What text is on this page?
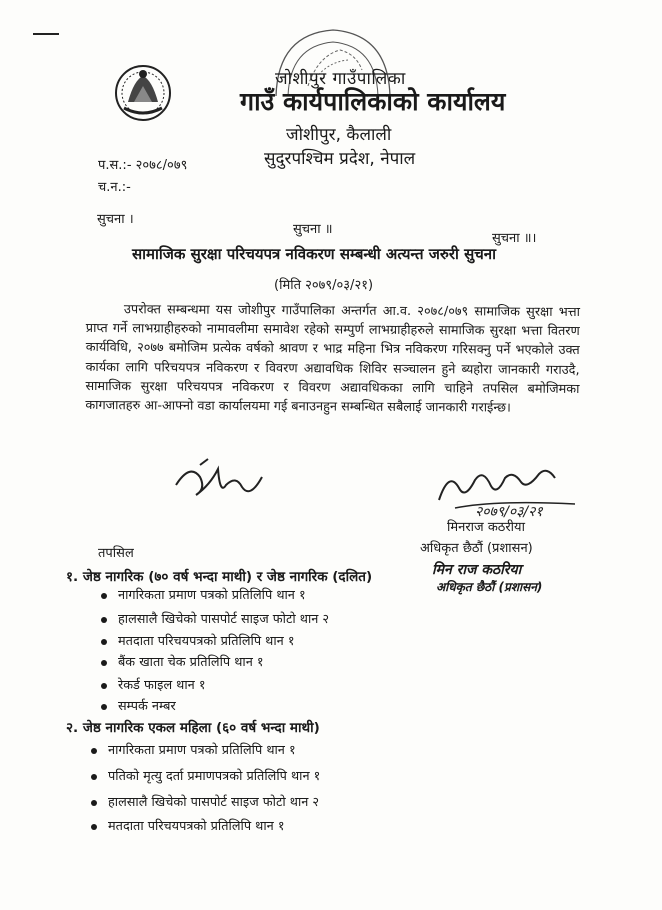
जोशीपुर गाउँपालिका
गाउँ कार्यपालिकाको कार्यालय
जोशीपुर, कैलाली
सुदुरपश्चिम प्रदेश, नेपाल
प.स.:- २०७८/०७९
च.न.:-
सुचना ।
सुचना ॥
सुचना ॥।
सामाजिक सुरक्षा परिचयपत्र नविकरण सम्बन्धी अत्यन्त जरुरी सुचना
(मिति २०७९/०३/२१)
उपरोक्त सम्बन्धमा यस जोशीपुर गाउँपालिका अन्तर्गत आ.व. २०७८/०७९ सामाजिक सुरक्षा भत्ता प्राप्त गर्ने लाभग्राहीहरुको नामावलीमा समावेश रहेको सम्पुर्ण लाभग्राहीहरुले सामाजिक सुरक्षा भत्ता वितरण कार्यविधि, २०७७ बमोजिम प्रत्येक वर्षको श्रावण र भाद्र महिना भित्र नविकरण गरिसक्नु पर्ने भएकोले उक्त कार्यका लागि परिचयपत्र नविकरण र विवरण अद्यावधिक शिविर सञ्चालन हुने ब्यहोरा जानकारी गराउदै, सामाजिक सुरक्षा परिचयपत्र नविकरण र विवरण अद्यावधिकका लागि चाहिने तपसिल बमोजिमका कागजातहरु आ-आफ्नो वडा कार्यालयमा गई बनाउनहुन सम्बन्धित सबैलाई जानकारी गराईन्छ।
२०७९/०३/२१
मिनराज कठरीया
अधिकृत छैठौं (प्रशासन)
मिन राज कठरिया
अधिकृत छैठौं (प्रशासन)
तपसिल
१. जेष्ठ नागरिक (७० वर्ष भन्दा माथी) र जेष्ठ नागरिक (दलित)
नागरिकता प्रमाण पत्रको प्रतिलिपि थान १
हालसालै खिचेको पासपोर्ट साइज फोटो थान २
मतदाता परिचयपत्रको प्रतिलिपि थान १
बैंक खाता चेक प्रतिलिपि थान १
रेकर्ड फाइल थान १
सम्पर्क नम्बर
२. जेष्ठ नागरिक एकल महिला (६० वर्ष भन्दा माथी)
नागरिकता प्रमाण पत्रको प्रतिलिपि थान १
पतिको मृत्यु दर्ता प्रमाणपत्रको प्रतिलिपि थान १
हालसालै खिचेको पासपोर्ट साइज फोटो थान २
मतदाता परिचयपत्रको प्रतिलिपि थान १
